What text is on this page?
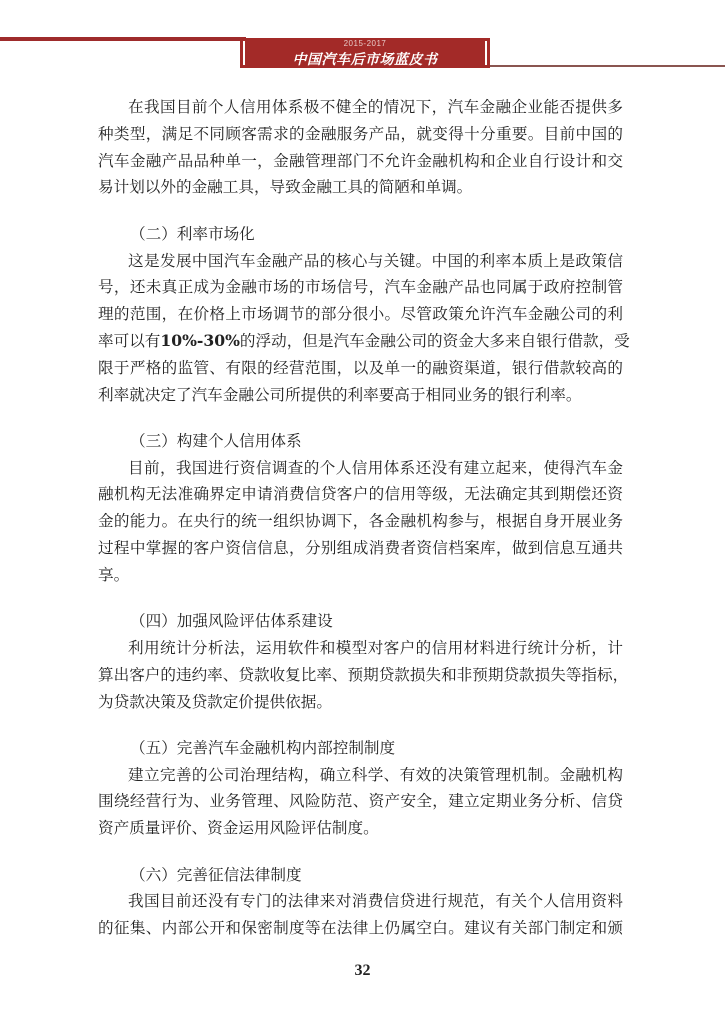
2015-2017
中国汽车后市场蓝皮书
在我国目前个人信用体系极不健全的情况下，汽车金融企业能否提供多
种类型，满足不同顾客需求的金融服务产品，就变得十分重要。目前中国的
汽车金融产品品种单一，金融管理部门不允许金融机构和企业自行设计和交
易计划以外的金融工具，导致金融工具的简陋和单调。
（二）利率市场化
这是发展中国汽车金融产品的核心与关键。中国的利率本质上是政策信
号，还未真正成为金融市场的市场信号，汽车金融产品也同属于政府控制管
理的范围，在价格上市场调节的部分很小。尽管政策允许汽车金融公司的利
率可以有10%-30%的浮动，但是汽车金融公司的资金大多来自银行借款，受
限于严格的监管、有限的经营范围，以及单一的融资渠道，银行借款较高的
利率就决定了汽车金融公司所提供的利率要高于相同业务的银行利率。
（三）构建个人信用体系
目前，我国进行资信调查的个人信用体系还没有建立起来，使得汽车金
融机构无法准确界定申请消费信贷客户的信用等级，无法确定其到期偿还资
金的能力。在央行的统一组织协调下，各金融机构参与，根据自身开展业务
过程中掌握的客户资信信息，分别组成消费者资信档案库，做到信息互通共
享。
（四）加强风险评估体系建设
利用统计分析法，运用软件和模型对客户的信用材料进行统计分析，计
算出客户的违约率、贷款收复比率、预期贷款损失和非预期贷款损失等指标，
为贷款决策及贷款定价提供依据。
（五）完善汽车金融机构内部控制制度
建立完善的公司治理结构，确立科学、有效的决策管理机制。金融机构
围绕经营行为、业务管理、风险防范、资产安全，建立定期业务分析、信贷
资产质量评价、资金运用风险评估制度。
（六）完善征信法律制度
我国目前还没有专门的法律来对消费信贷进行规范，有关个人信用资料
的征集、内部公开和保密制度等在法律上仍属空白。建议有关部门制定和颁
32
